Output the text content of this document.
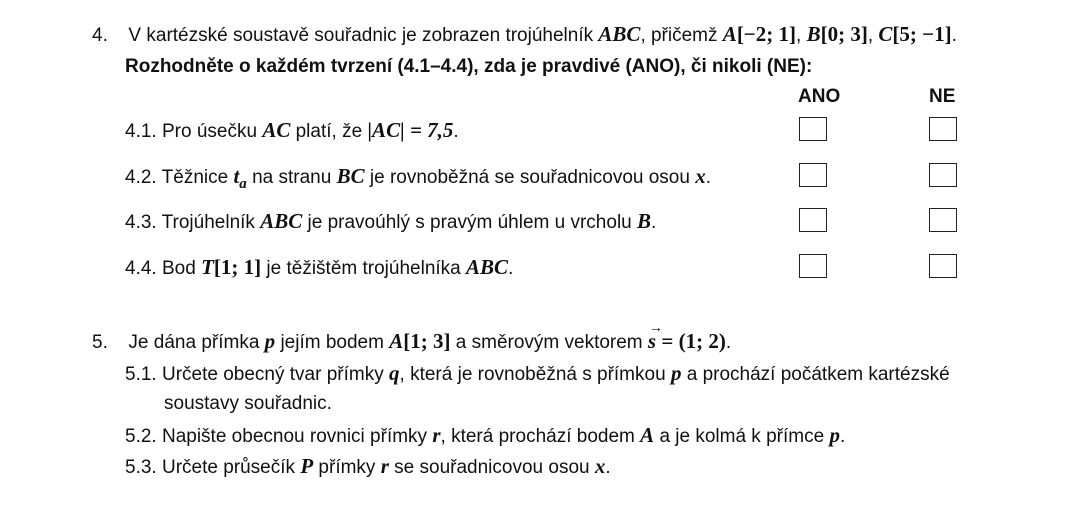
4. V kartézské soustavě souřadnic je zobrazen trojúhelník ABC, přičemž A[−2; 1], B[0; 3], C[5; −1].
Rozhodněte o každém tvrzení (4.1–4.4), zda je pravdivé (ANO), či nikoli (NE):
ANO	NE
4.1. Pro úsečku AC platí, že |AC| = 7,5.
4.2. Těžnice $t_a$ na stranu BC je rovnoběžná se souřadnicovou osou x.
4.3. Trojúhelník ABC je pravoúhlý s pravým úhlem u vrcholu B.
4.4. Bod T[1; 1] je těžištěm trojúhelníka ABC.
5. Je dána přímka p jejím bodem A[1; 3] a směrovým vektorem
→
s = (1; 2).
5.1. Určete obecný tvar přímky q, která je rovnoběžná s přímkou p a prochází počátkem kartézské
soustavy souřadnic.
5.2. Napište obecnou rovnici přímky r, která prochází bodem A a je kolmá k přímce p.
5.3. Určete průsečík P přímky r se souřadnicovou osou x.
